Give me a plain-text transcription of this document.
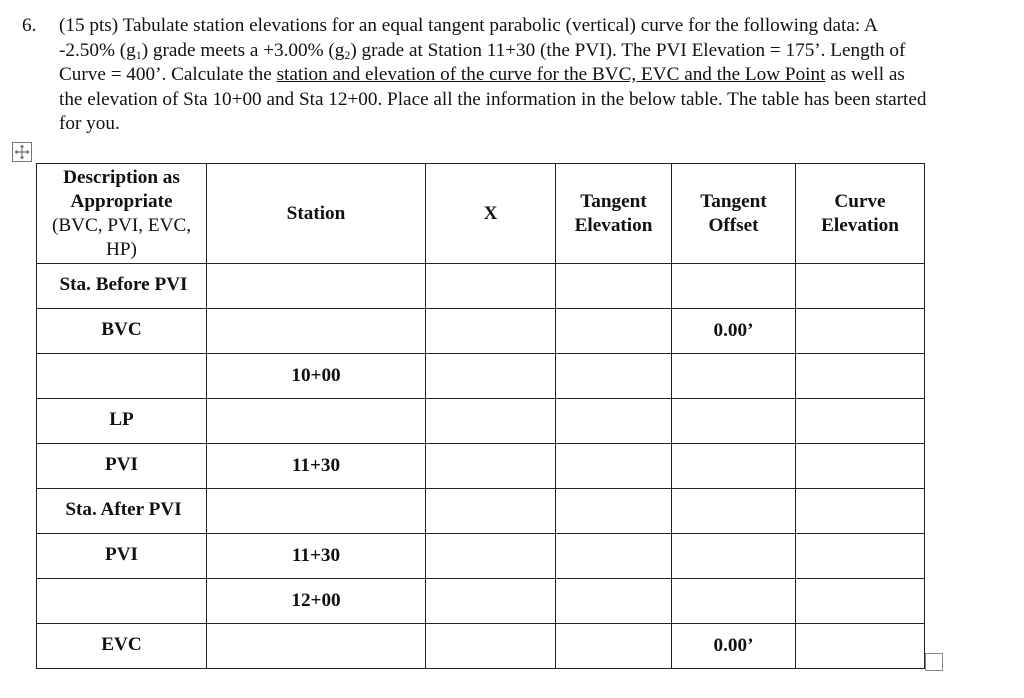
6. (15 pts) Tabulate station elevations for an equal tangent parabolic (vertical) curve for the following data: A -2.50% $(g_1)$ grade meets a +3.00% $(g_2)$ grade at Station 11+30 (the PVI). The PVI Elevation = 175’. Length of Curve = 400’. Calculate the station and elevation of the curve for the BVC, EVC and the Low Point as well as the elevation of Sta 10+00 and Sta 12+00. Place all the information in the below table. The table has been started for you.
Description as Appropriate
(BVC, PVI, EVC, HP)	Station	X	Tangent Elevation	Tangent Offset	Curve Elevation
Sta. Before PVI					
BVC				0.00’	
	10+00				
LP					
PVI	11+30				
Sta. After PVI					
PVI	11+30				
	12+00				
EVC				0.00’	
